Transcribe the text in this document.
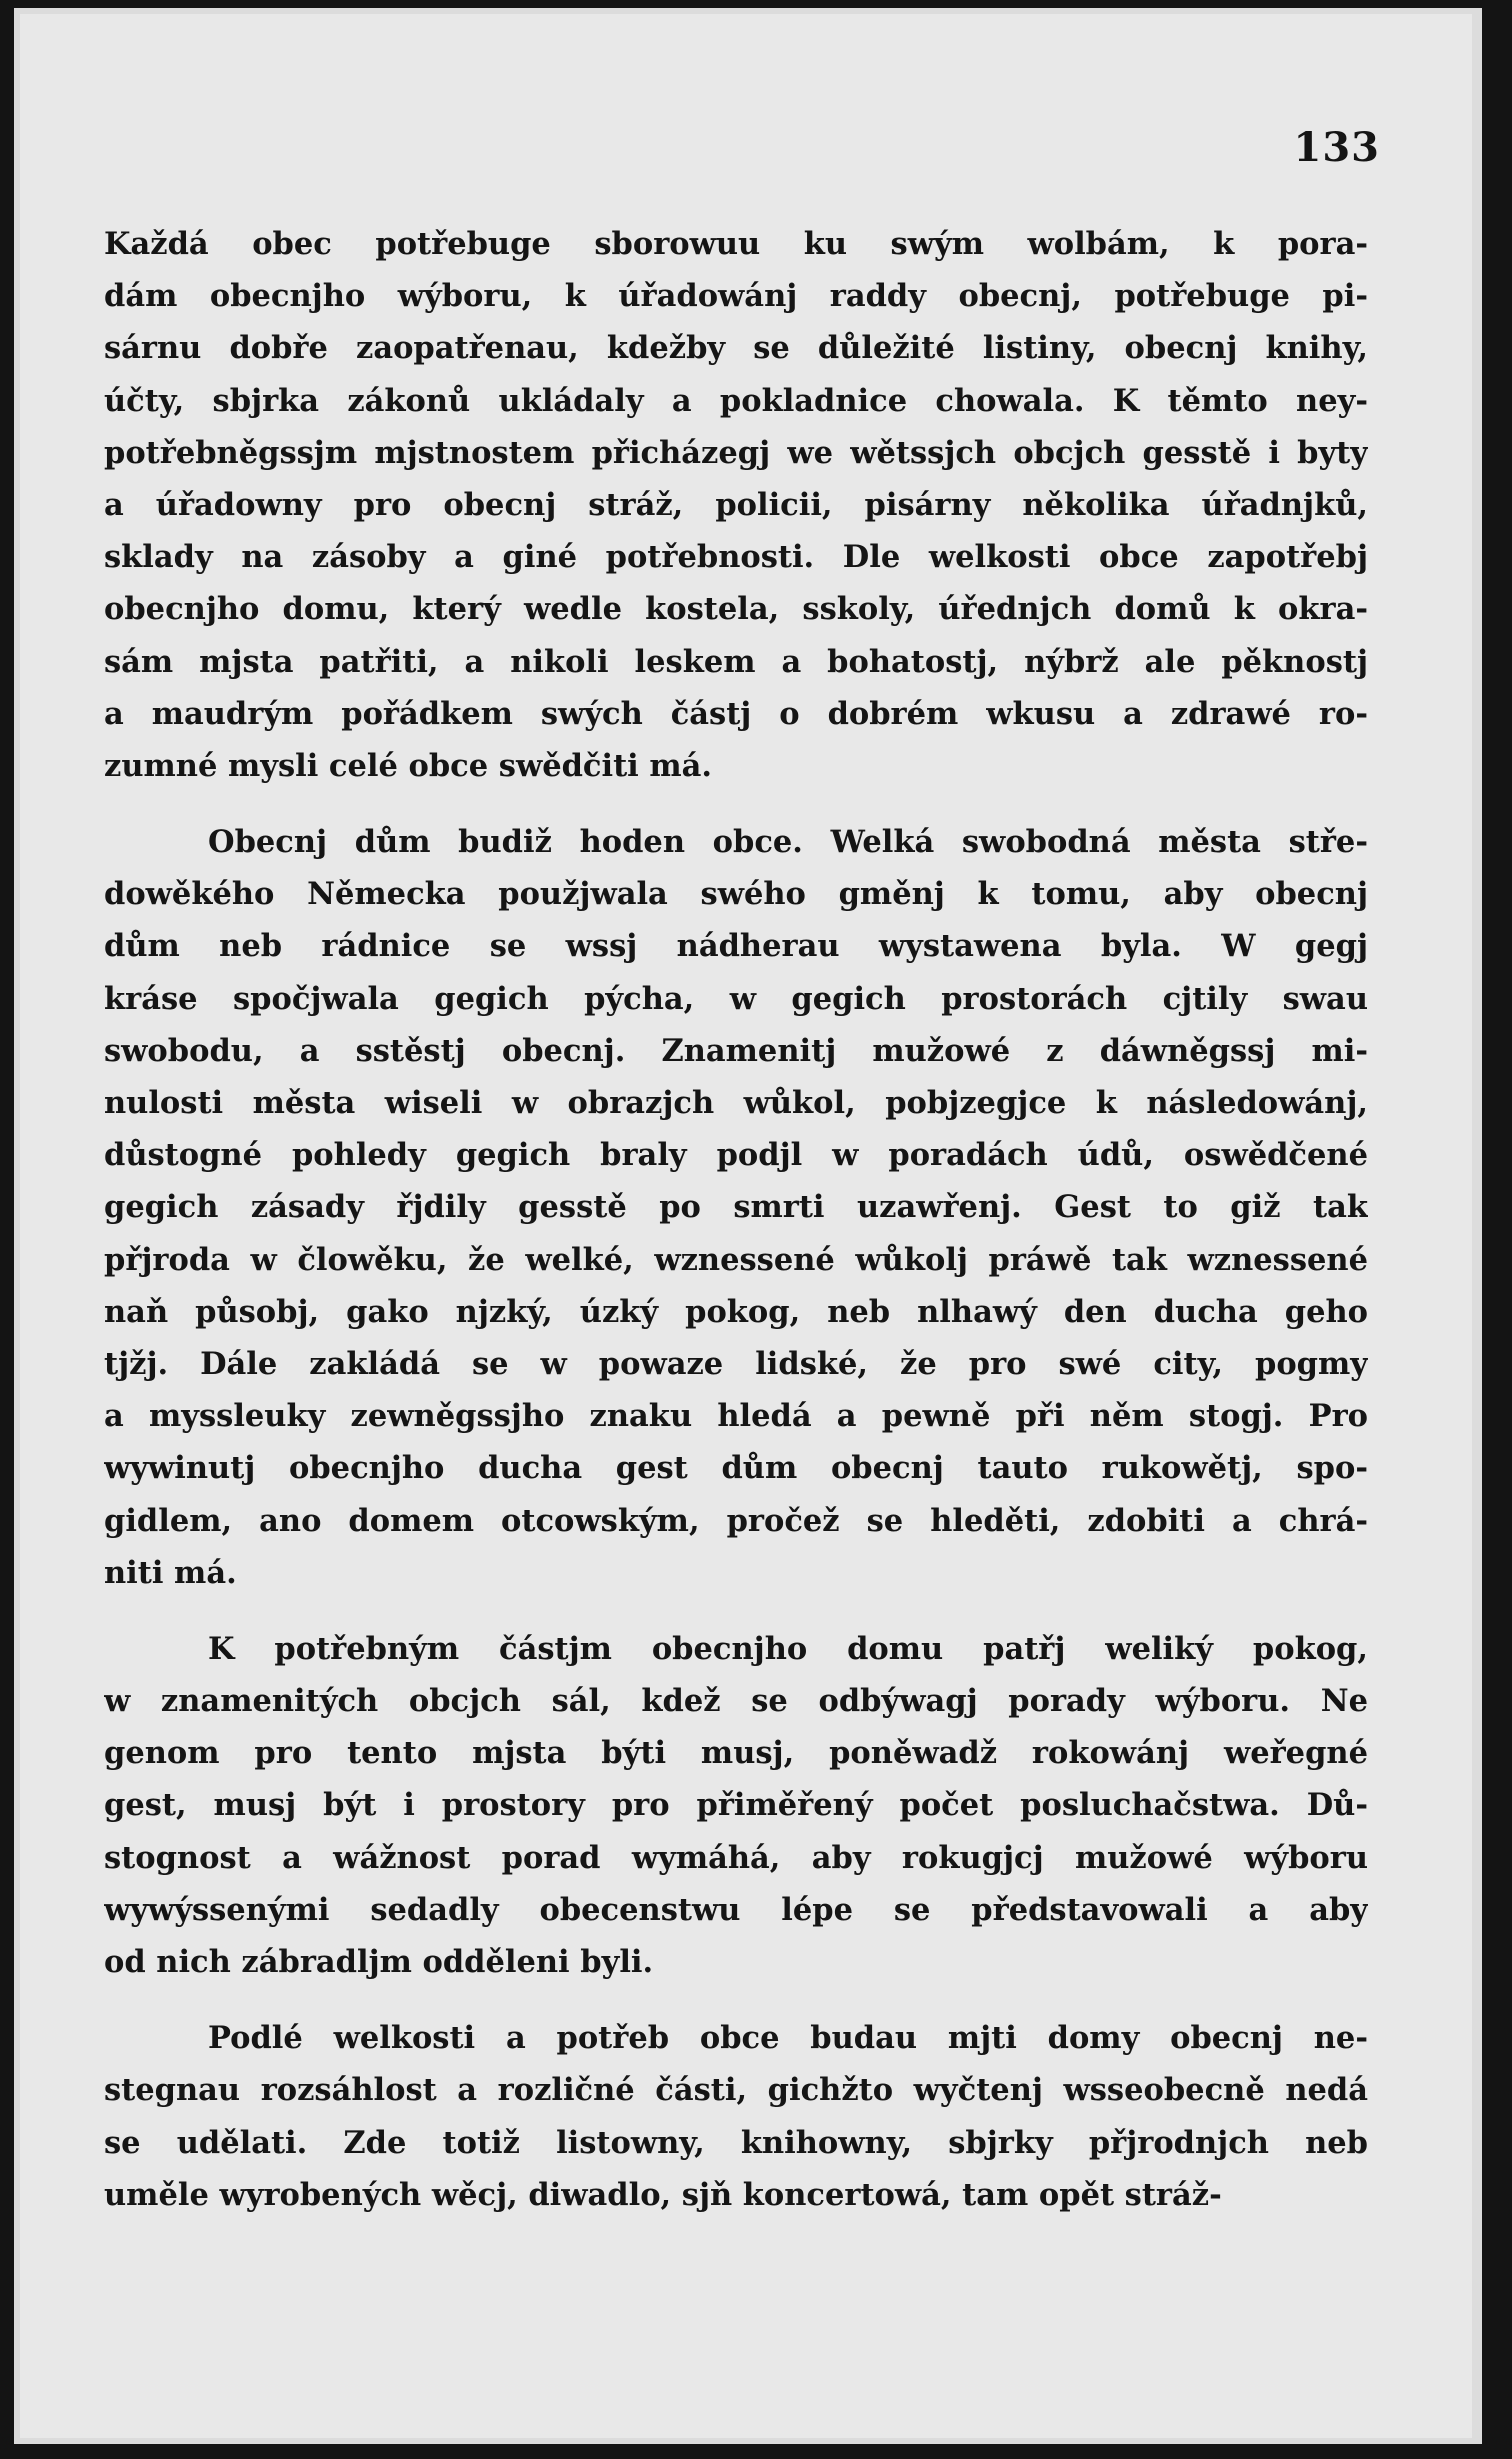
133
Každá obec potřebuge sborowuu ku swým wolbám, k pora-
dám obecnjho wýboru, k úřadowánj raddy obecnj, potřebuge pi-
sárnu dobře zaopatřenau, kdežby se důležité listiny, obecnj knihy,
účty, sbjrka zákonů ukládaly a pokladnice chowala. K těmto ney-
potřebněgssjm mjstnostem přicházegj we wětssjch obcjch gesstě i byty
a úřadowny pro obecnj stráž, policii, pisárny několika úřadnjků,
sklady na zásoby a giné potřebnosti. Dle welkosti obce zapotřebj
obecnjho domu, který wedle kostela, sskoly, úřednjch domů k okra-
sám mjsta patřiti, a nikoli leskem a bohatostj, nýbrž ale pěknostj
a maudrým pořádkem swých částj o dobrém wkusu a zdrawé ro-
zumné mysli celé obce swědčiti má.
Obecnj dům budiž hoden obce. Welká swobodná města stře-
dowěkého Německa použjwala swého gměnj k tomu, aby obecnj
dům neb rádnice se wssj nádherau wystawena byla. W gegj
kráse spočjwala gegich pýcha, w gegich prostorách cjtily swau
swobodu, a sstěstj obecnj. Znamenitj mužowé z dáwněgssj mi-
nulosti města wiseli w obrazjch wůkol, pobjzegjce k následowánj,
důstogné pohledy gegich braly podjl w poradách údů, oswědčené
gegich zásady řjdily gesstě po smrti uzawřenj. Gest to giž tak
přjroda w člowěku, že welké, wznessené wůkolj práwě tak wznessené
naň působj, gako njzký, úzký pokog, neb nlhawý den ducha geho
tjžj. Dále zakládá se w powaze lidské, že pro swé city, pogmy
a myssleuky zewněgssjho znaku hledá a pewně při něm stogj. Pro
wywinutj obecnjho ducha gest dům obecnj tauto rukowětj, spo-
gidlem, ano domem otcowským, pročež se hleděti, zdobiti a chrá-
niti má.
K potřebným částjm obecnjho domu patřj weliký pokog,
w znamenitých obcjch sál, kdež se odbýwagj porady wýboru. Ne
genom pro tento mjsta býti musj, poněwadž rokowánj weřegné
gest, musj být i prostory pro přiměřený počet posluchačstwa. Dů-
stognost a wážnost porad wymáhá, aby rokugjcj mužowé wýboru
wywýssenými sedadly obecenstwu lépe se představowali a aby
od nich zábradljm odděleni byli.
Podlé welkosti a potřeb obce budau mjti domy obecnj ne-
stegnau rozsáhlost a rozličné části, gichžto wyčtenj wsseobecně nedá
se udělati. Zde totiž listowny, knihowny, sbjrky přjrodnjch neb
uměle wyrobených wěcj, diwadlo, sjň koncertowá, tam opět stráž-
